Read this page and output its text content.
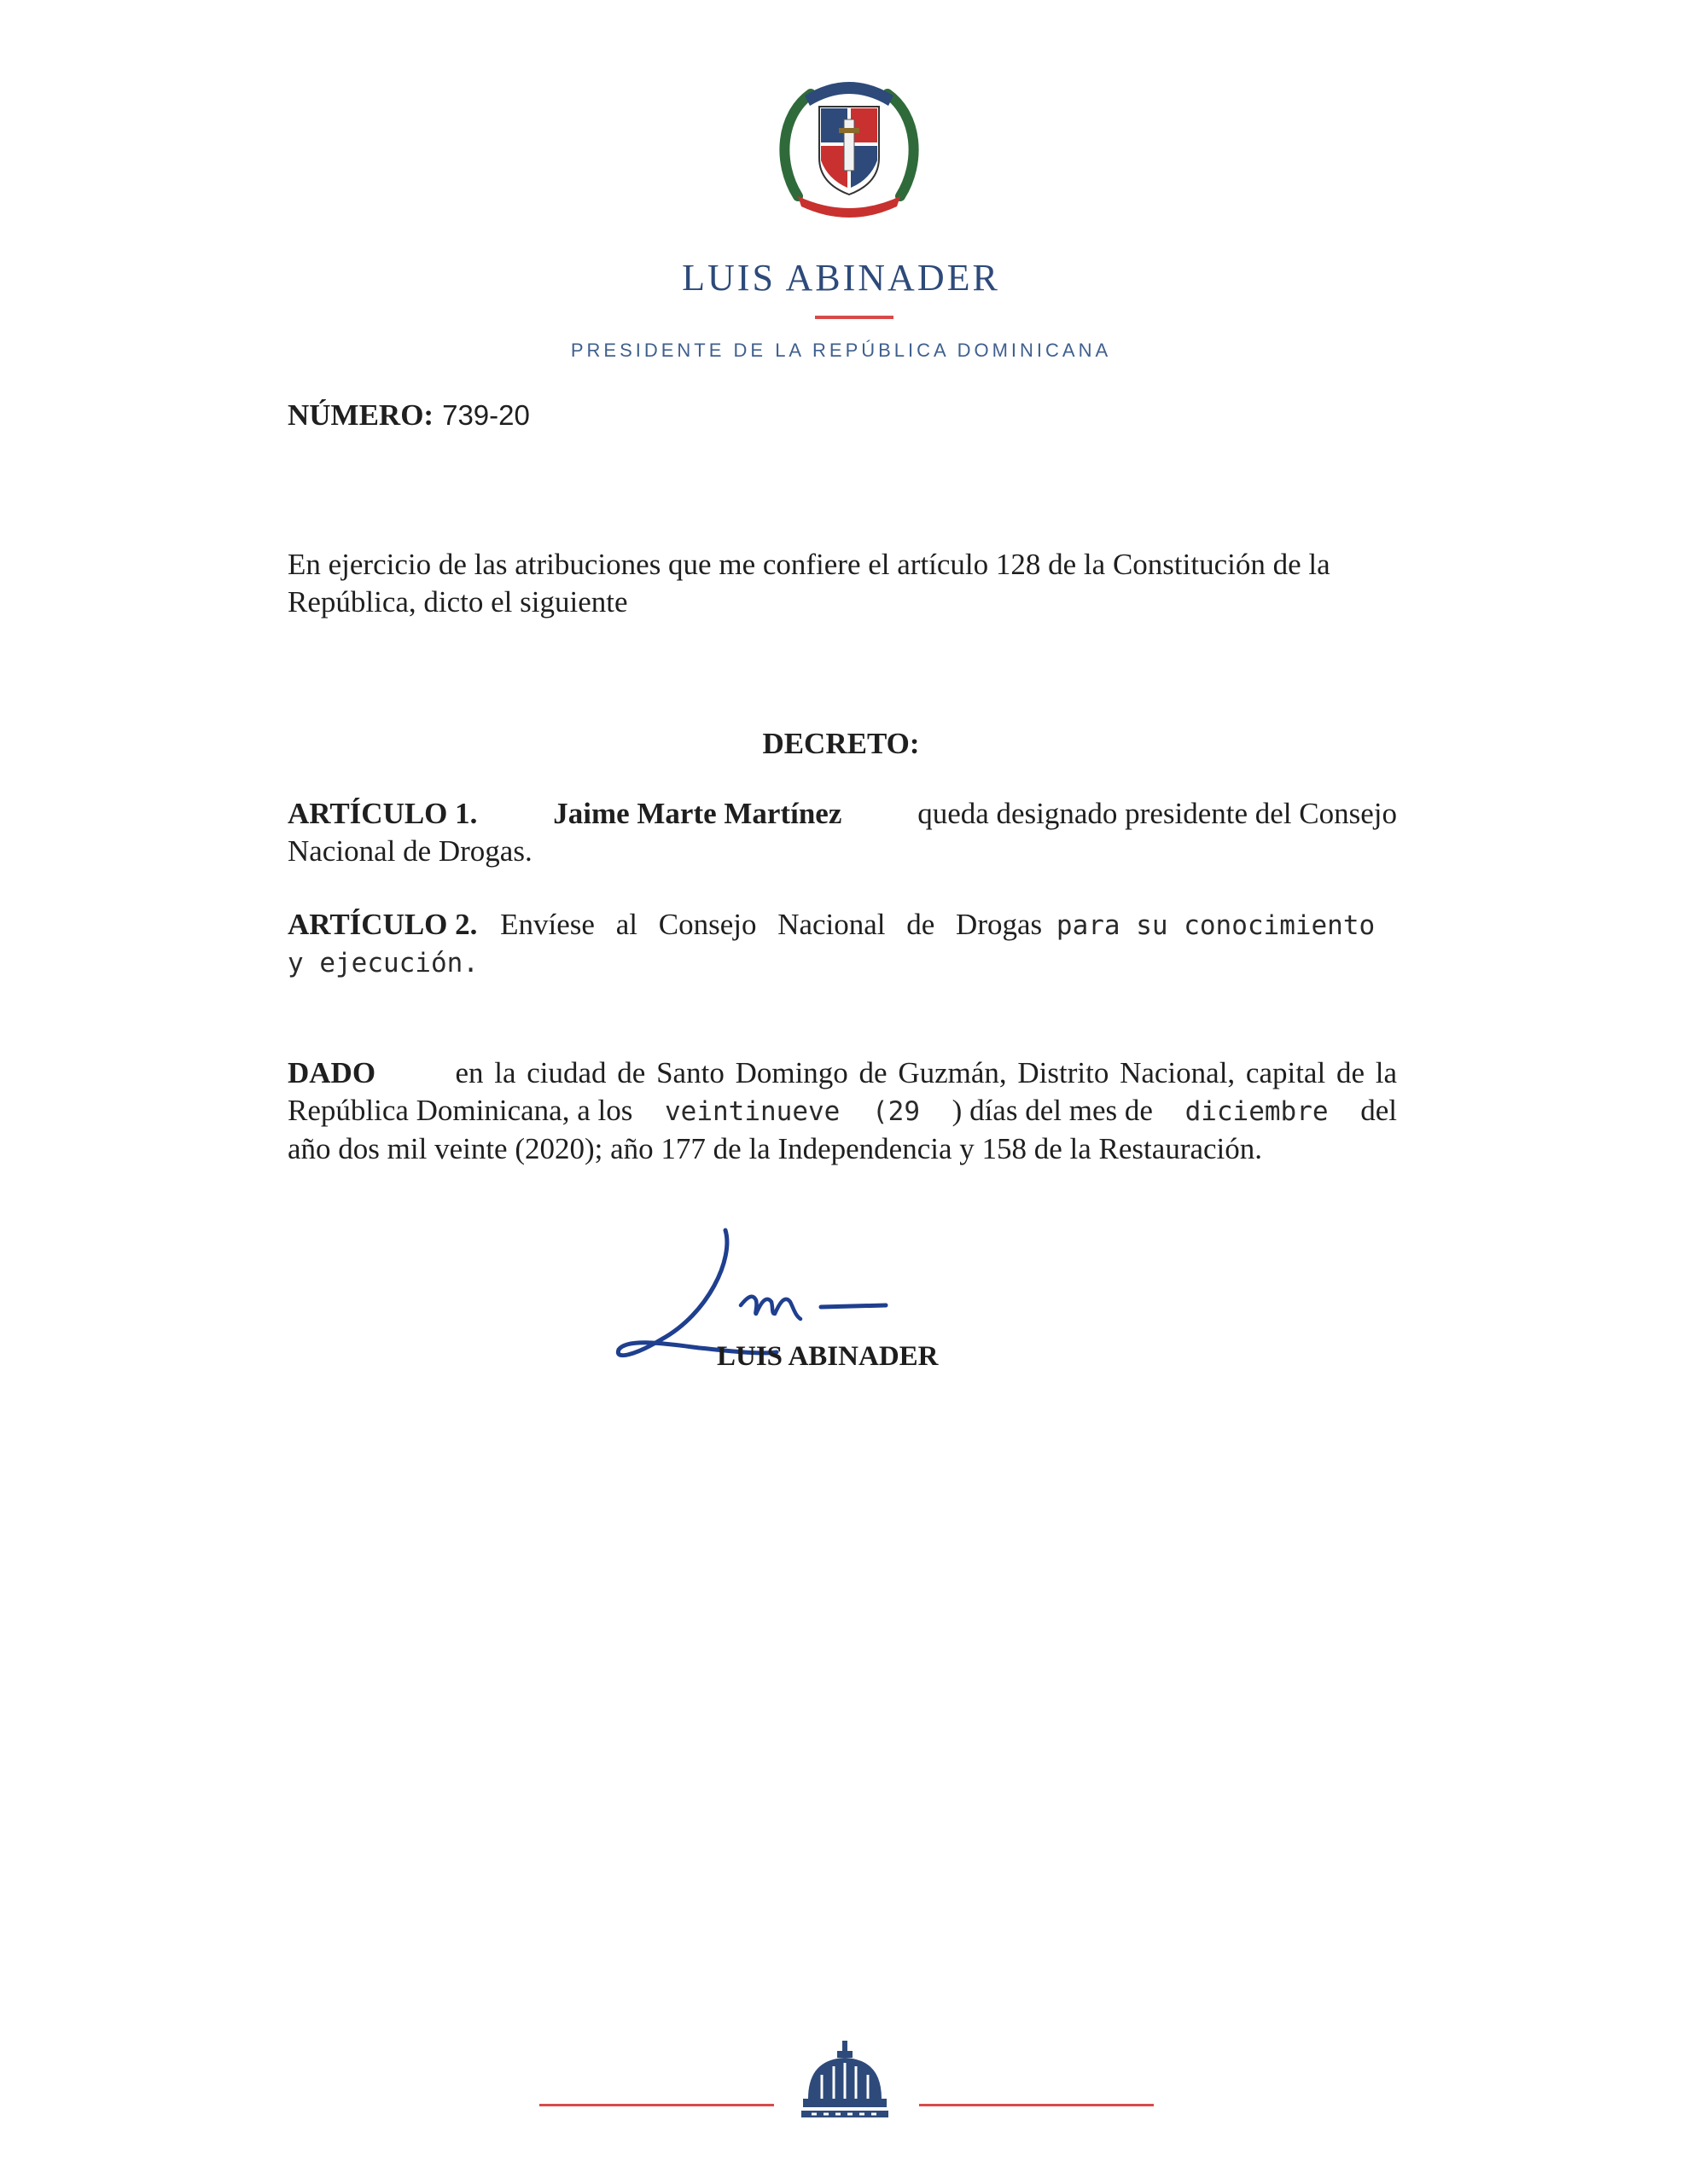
LUIS ABINADER
PRESIDENTE DE LA REPÚBLICA DOMINICANA
NÚMERO: 739-20
En ejercicio de las atribuciones que me confiere el artículo 128 de la Constitución de la
República, dicto el siguiente
DECRETO:
ARTÍCULO 1.	Jaime Marte Martínez	queda designado presidente del Consejo
Nacional de Drogas.
ARTÍCULO 2. Envíese al Consejo Nacional de Drogas para su conocimiento
y ejecución.
DADO	en la ciudad de Santo Domingo de Guzmán, Distrito Nacional, capital de la
República Dominicana, a los veintinueve (29 ) días del mes de diciembre del
año dos mil veinte (2020); año 177 de la Independencia y 158 de la Restauración.
LUIS ABINADER
